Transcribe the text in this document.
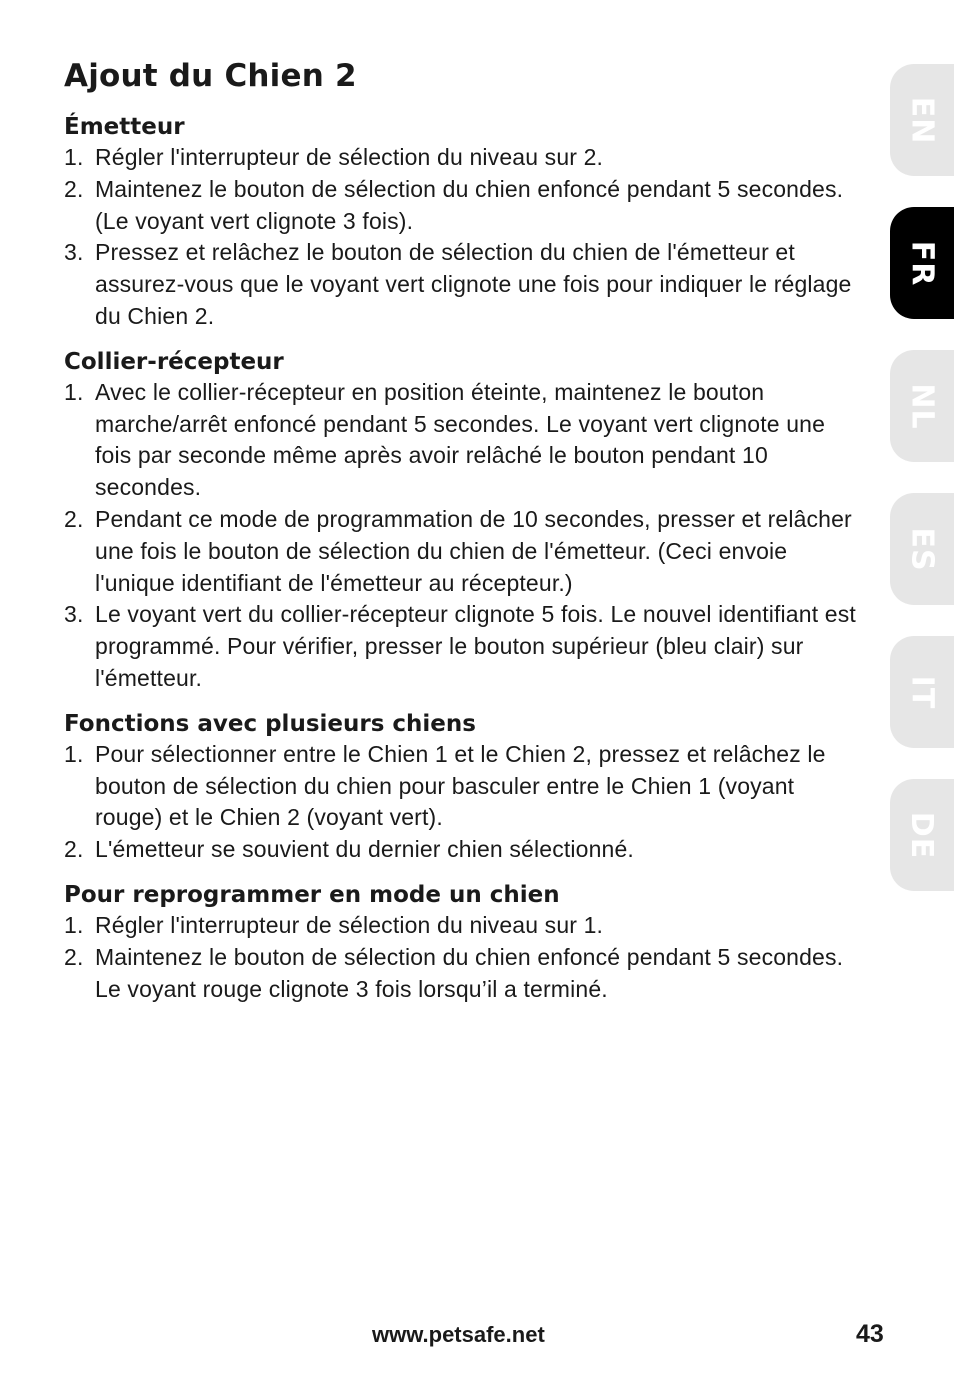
Ajout du Chien 2
Émetteur
1. Régler l'interrupteur de sélection du niveau sur 2.
2. Maintenez le bouton de sélection du chien enfoncé pendant 5 secondes. (Le voyant vert clignote 3 fois).
3. Pressez et relâchez le bouton de sélection du chien de l'émetteur et assurez-vous que le voyant vert clignote une fois pour indiquer le réglage du Chien 2.
Collier-récepteur
1. Avec le collier-récepteur en position éteinte, maintenez le bouton marche/arrêt enfoncé pendant 5 secondes. Le voyant vert clignote une fois par seconde même après avoir relâché le bouton pendant 10 secondes.
2. Pendant ce mode de programmation de 10 secondes, presser et relâcher une fois le bouton de sélection du chien de l'émetteur. (Ceci envoie l'unique identifiant de l'émetteur au récepteur.)
3. Le voyant vert du collier-récepteur clignote 5 fois. Le nouvel identifiant est programmé. Pour vérifier, presser le bouton supérieur (bleu clair) sur l'émetteur.
Fonctions avec plusieurs chiens
1. Pour sélectionner entre le Chien 1 et le Chien 2, pressez et relâchez le bouton de sélection du chien pour basculer entre le Chien 1 (voyant rouge) et le Chien 2 (voyant vert).
2. L'émetteur se souvient du dernier chien sélectionné.
Pour reprogrammer en mode un chien
1. Régler l'interrupteur de sélection du niveau sur 1.
2. Maintenez le bouton de sélection du chien enfoncé pendant 5 secondes. Le voyant rouge clignote 3 fois lorsqu’il a terminé.
EN
FR
NL
ES
IT
DE
www.petsafe.net	43
